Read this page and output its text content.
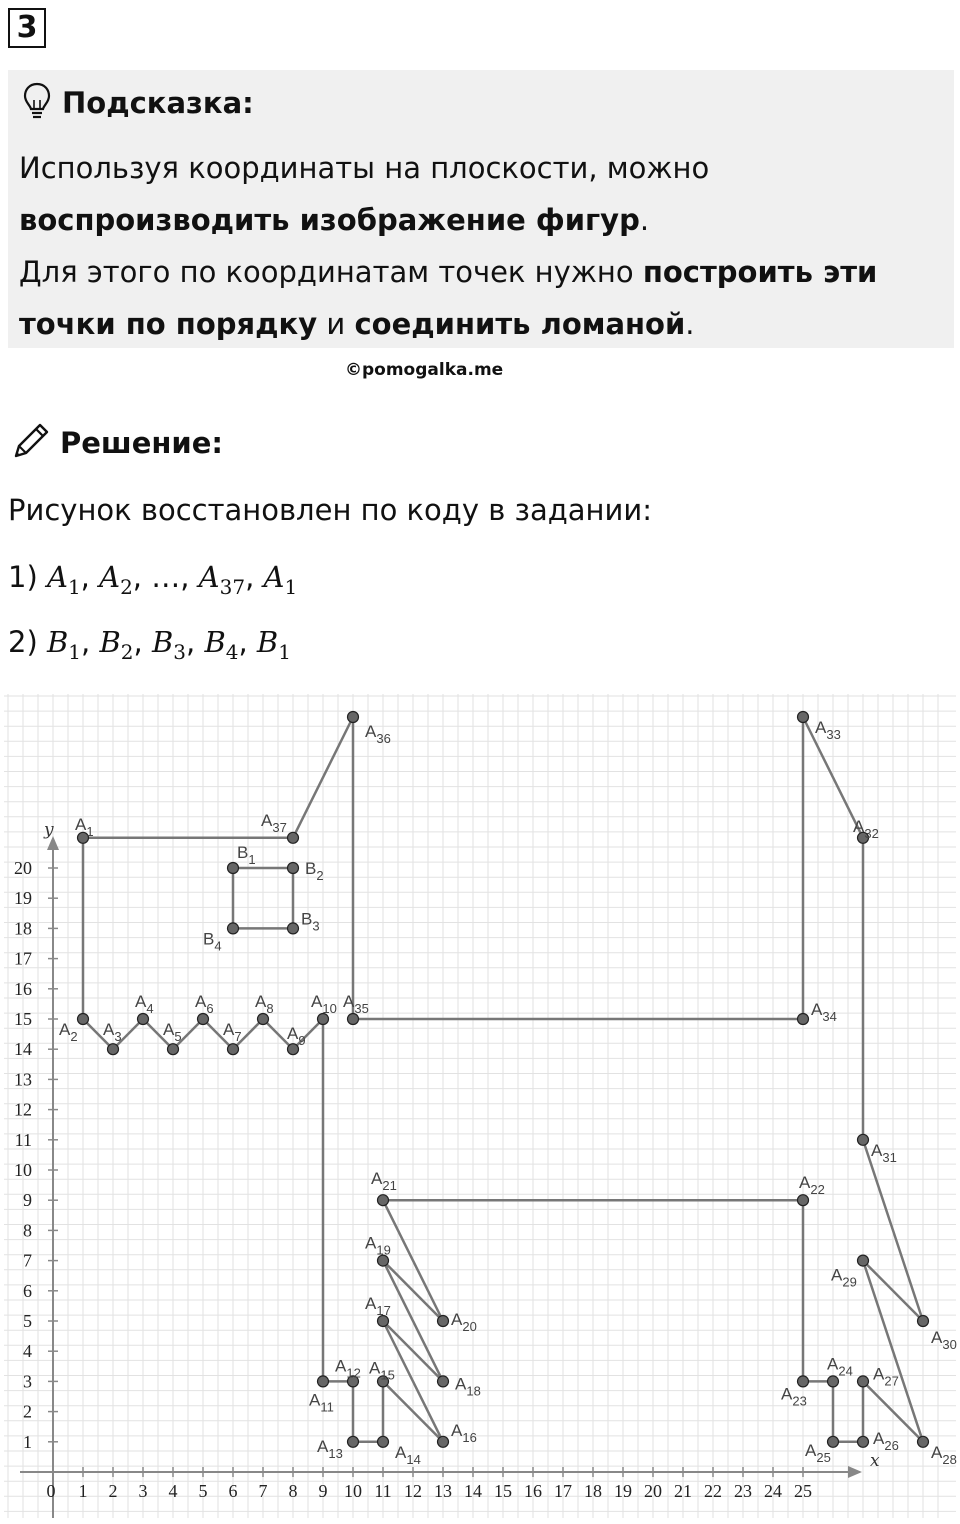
3
Подсказка:

Используя координаты на плоскости, можно

воспроизводить изображение фигур.

Для этого по координатам точек нужно построить эти

точки по порядку и соединить ломаной.

©pomogalka.me
Решение:
Рисунок восстановлен по коду в задании:
1) $A_1$, $A_2$, …, $A_{37}$, $A_1$
2) $B_1$, $B_2$, $B_3$, $B_4$, $B_1$
x
y
0 1 2 3 4 5 6 7 8 9 10 11 12 13 14 15 16 17 18 19 20 21 22 23 24 25
1
2
3
4
5
6
7
8
9
10
11
12
13
14
15
16
17
18
19
20
$A_1$
$A_2$ $A_3$
$A_4$
$A_5$
$A_6$
$A_7$
$A_8$
$A_9$
$A_{10}$
$A_{11}$
$A_{12}$
$A_{13}$	$A_{14}$
$A_{15}$
$A_{16}$
$A_{17}$
$A_{18}$
$A_{19}$
$A_{20}$
$A_{21}$	$A_{22}$
$A_{23}$
$A_{24}$
$A_{25}$
$A_{26}$
$A_{27}$
$A_{28}$
$A_{29}$
$A_{30}$
$A_{31}$
$A_{32}$
$A_{33}$
$A_{34}$
$A_{35}$
$A_{36}$
$A_{37}$
$B_1$	$B_2$
$B_3$
$B_4$
